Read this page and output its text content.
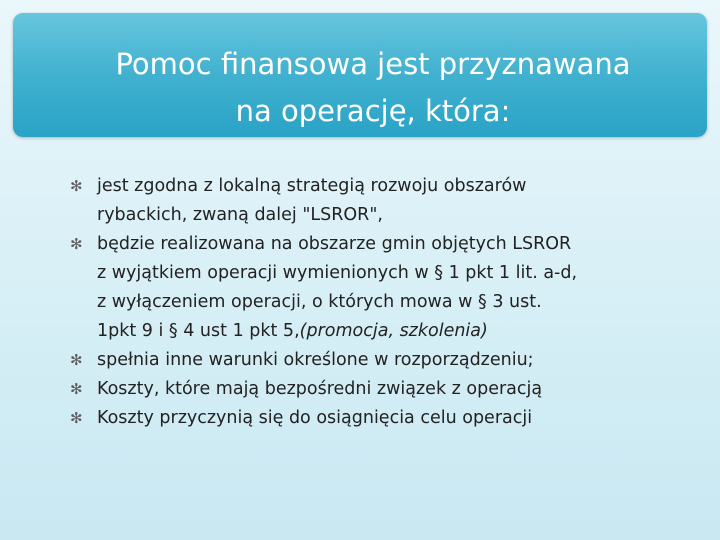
Pomoc finansowa jest przyznawana
na operację, która:
✻ jest zgodna z lokalną strategią rozwoju obszarów
rybackich, zwaną dalej "LSROR",
✻ będzie realizowana na obszarze gmin objętych LSROR
z wyjątkiem operacji wymienionych w § 1 pkt 1 lit. a-d,
z wyłączeniem operacji, o których mowa w § 3 ust.
1pkt 9 i § 4 ust 1 pkt 5,(promocja, szkolenia)
✻ spełnia inne warunki określone w rozporządzeniu;
✻ Koszty, które mają bezpośredni związek z operacją
✻ Koszty przyczynią się do osiągnięcia celu operacji
